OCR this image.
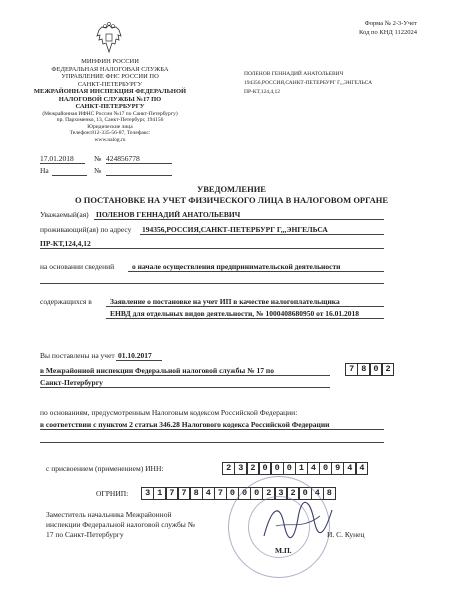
Форма № 2-3-Учет
Код по КНД 1122024
МИНФИН РОССИИ
ФЕДЕРАЛЬНАЯ НАЛОГОВАЯ СЛУЖБА
УПРАВЛЕНИЕ ФНС РОССИИ ПО
САНКТ-ПЕТЕРБУРГУ
МЕЖРАЙОННАЯ ИНСПЕКЦИЯ ФЕДЕРАЛЬНОЙ
НАЛОГОВОЙ СЛУЖБЫ №17 ПО
САНКТ-ПЕТЕРБУРГУ
(Межрайонная ИФНС России №17 по Санкт-Петербургу)
пр. Пархоменко, 13, Санкт-Петербург, 194156
Юридические лица
Телефон:812-335-56-87, Телефакс:
www.nalog.ru
ПОЛЕНОВ ГЕННАДИЙ АНАТОЛЬЕВИЧ
194356,РОССИЯ,САНКТ-ПЕТЕРБУРГ Г,,,ЭНГЕЛЬСА
ПР-КТ,124,4,12
17.01.2018	№ 424856778
На	№
УВЕДОМЛЕНИЕ
О ПОСТАНОВКЕ НА УЧЕТ ФИЗИЧЕСКОГО ЛИЦА В НАЛОГОВОМ ОРГАНЕ
Уважаемый(ая) ПОЛЕНОВ ГЕННАДИЙ АНАТОЛЬЕВИЧ
проживающий(ая) по адресу 194356,РОССИЯ,САНКТ-ПЕТЕРБУРГ Г,,,ЭНГЕЛЬСА
ПР-КТ,124,4,12
на основании сведений о начале осуществления предпринимательской деятельности
содержащихся в Заявление о постановке на учет ИП в качестве налогоплательщика
ЕНВД для отдельных видов деятельности, № 1000408680950 от 16.01.2018
Вы поставлены на учет 01.10.2017
в Межрайонной инспекции Федеральной налоговой службы № 17 по
Санкт-Петербургу
7 8 0 2
по основаниям, предусмотренным Налоговым кодексом Российской Федерации:
в соответствии с пунктом 2 статьи 346.28 Налогового кодекса Российской Федерации
с присвоением (применением) ИНН:	2 3 2 0 0 0 1 4 0 9 4 4
ОГРНИП:	3 1 7 7 8 4 7 0 0 0 2 3 2 0 4 8
Заместитель начальника Межрайонной
инспекции Федеральной налоговой службы №
17 по Санкт-Петербургу
М.П.
И. С. Кунец
